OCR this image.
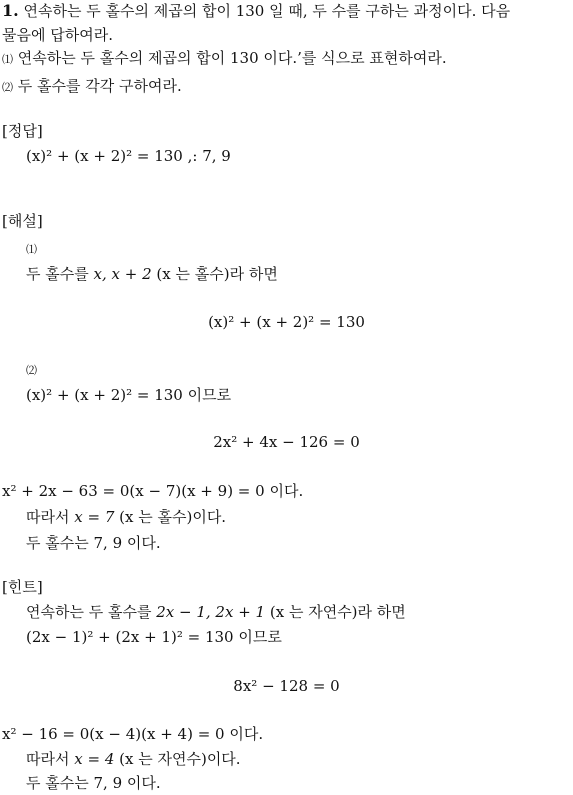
1. 연속하는 두 홀수의 제곱의 합이 130 일 때, 두 수를 구하는 과정이다. 다음
물음에 답하여라.
⑴ 연속하는 두 홀수의 제곱의 합이 130 이다.’를 식으로 표현하여라.
⑵ 두 홀수를 각각 구하여라.
[정답]
(x)² + (x + 2)² = 130 ,: 7, 9
[해설]
⑴
두 홀수를 x, x + 2 (x 는 홀수)라 하면
(x)² + (x + 2)² = 130
⑵
(x)² + (x + 2)² = 130 이므로
2x² + 4x − 126 = 0
x² + 2x − 63 = 0(x − 7)(x + 9) = 0 이다.
따라서 x = 7 (x 는 홀수)이다.
두 홀수는 7, 9 이다.
[힌트]
연속하는 두 홀수를 2x − 1, 2x + 1 (x 는 자연수)라 하면
(2x − 1)² + (2x + 1)² = 130 이므로
8x² − 128 = 0
x² − 16 = 0(x − 4)(x + 4) = 0 이다.
따라서 x = 4 (x 는 자연수)이다.
두 홀수는 7, 9 이다.
